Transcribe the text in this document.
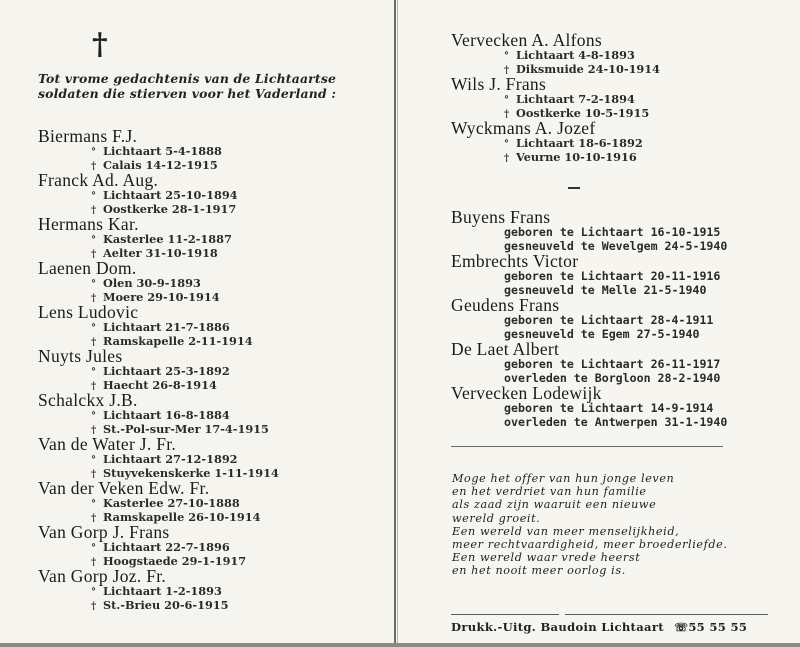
†
Tot vrome gedachtenis van de Lichtaartse
soldaten die stierven voor het Vaderland :
Biermans F.J.
° Lichtaart 5-4-1888
† Calais 14-12-1915
Franck Ad. Aug.
° Lichtaart 25-10-1894
† Oostkerke 28-1-1917
Hermans Kar.
° Kasterlee 11-2-1887
† Aelter 31-10-1918
Laenen Dom.
° Olen 30-9-1893
† Moere 29-10-1914
Lens Ludovic
° Lichtaart 21-7-1886
† Ramskapelle 2-11-1914
Nuyts Jules
° Lichtaart 25-3-1892
† Haecht 26-8-1914
Schalckx J.B.
° Lichtaart 16-8-1884
† St.-Pol-sur-Mer 17-4-1915
Van de Water J. Fr.
° Lichtaart 27-12-1892
† Stuyvekenskerke 1-11-1914
Van der Veken Edw. Fr.
° Kasterlee 27-10-1888
† Ramskapelle 26-10-1914
Van Gorp J. Frans
° Lichtaart 22-7-1896
† Hoogstaede 29-1-1917
Van Gorp Joz. Fr.
° Lichtaart 1-2-1893
† St.-Brieu 20-6-1915
Vervecken A. Alfons
° Lichtaart 4-8-1893
† Diksmuide 24-10-1914
Wils J. Frans
° Lichtaart 7-2-1894
† Oostkerke 10-5-1915
Wyckmans A. Jozef
° Lichtaart 18-6-1892
† Veurne 10-10-1916
Buyens Frans
geboren te Lichtaart 16-10-1915
gesneuveld te Wevelgem 24-5-1940
Embrechts Victor
geboren te Lichtaart 20-11-1916
gesneuveld te Melle 21-5-1940
Geudens Frans
geboren te Lichtaart 28-4-1911
gesneuveld te Egem 27-5-1940
De Laet Albert
geboren te Lichtaart 26-11-1917
overleden te Borgloon 28-2-1940
Vervecken Lodewijk
geboren te Lichtaart 14-9-1914
overleden te Antwerpen 31-1-1940
Moge het offer van hun jonge leven
en het verdriet van hun familie
als zaad zijn waaruit een nieuwe
wereld groeit.
Een wereld van meer menselijkheid,
meer rechtvaardigheid, meer broederliefde.
Een wereld waar vrede heerst
en het nooit meer oorlog is.
Drukk.-Uitg. Baudoin Lichtaart ☏55 55 55
